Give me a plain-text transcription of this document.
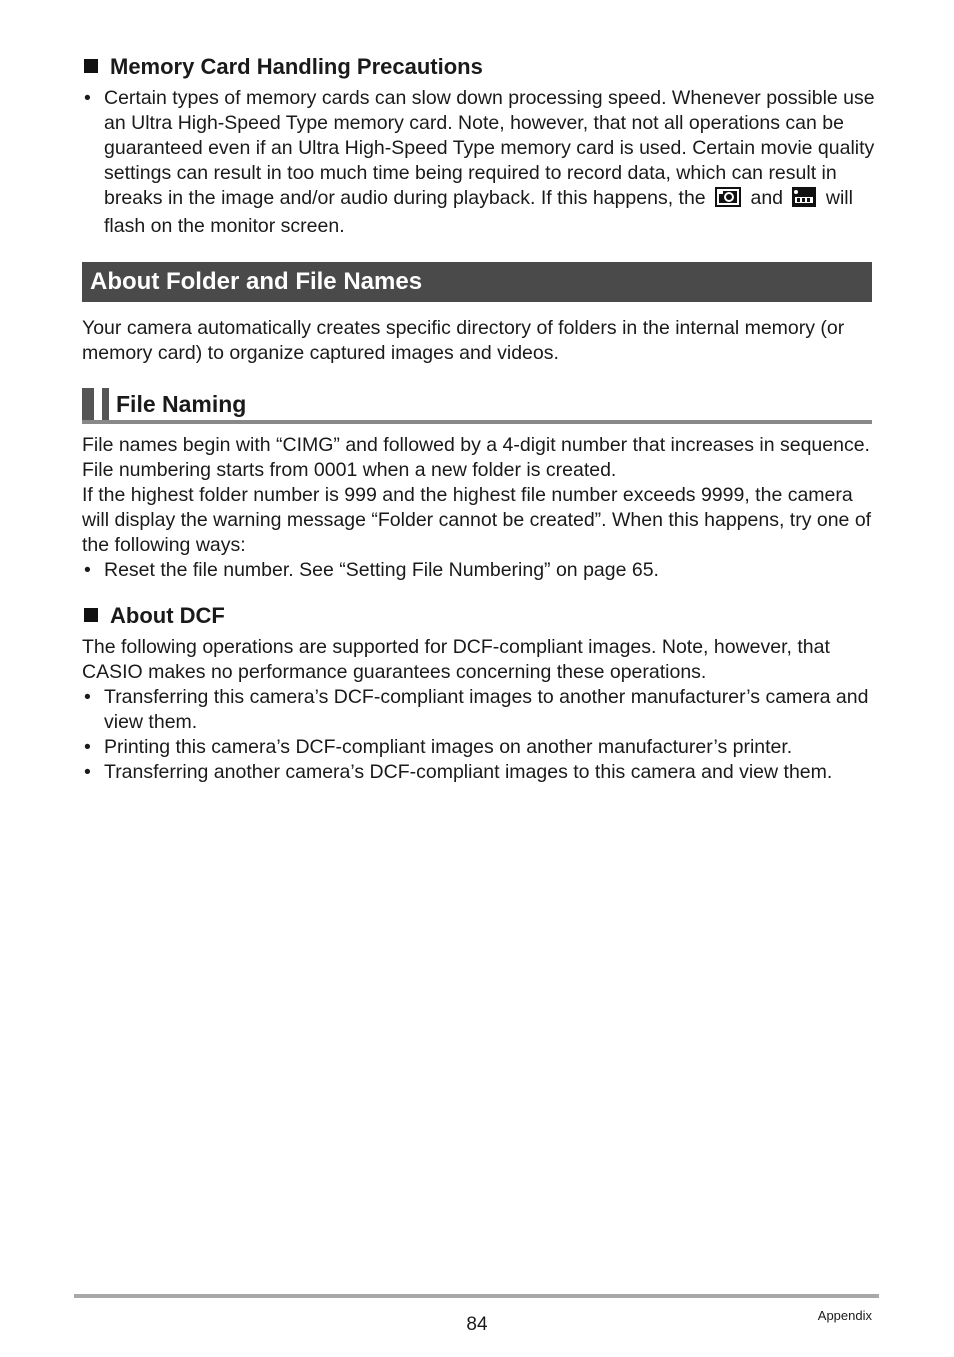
Memory Card Handling Precautions
• Certain types of memory cards can slow down processing speed. Whenever possible use an Ultra High-Speed Type memory card. Note, however, that not all operations can be guaranteed even if an Ultra High-Speed Type memory card is used. Certain movie quality settings can result in too much time being required to record data, which can result in breaks in the image and/or audio during playback. If this happens, the and will flash on the monitor screen.
About Folder and File Names

Your camera automatically creates specific directory of folders in the internal memory (or memory card) to organize captured images and videos.

File Naming

File names begin with “CIMG” and followed by a 4-digit number that increases in sequence. File numbering starts from 0001 when a new folder is created.

If the highest folder number is 999 and the highest file number exceeds 9999, the camera will display the warning message “Folder cannot be created”. When this happens, try one of the following ways:

• Reset the file number. See “Setting File Numbering” on page 65.
About DCF

The following operations are supported for DCF-compliant images. Note, however, that CASIO makes no performance guarantees concerning these operations.

• Transferring this camera’s DCF-compliant images to another manufacturer’s camera and view them.
• Printing this camera’s DCF-compliant images on another manufacturer’s printer.
• Transferring another camera’s DCF-compliant images to this camera and view them.
84	Appendix
